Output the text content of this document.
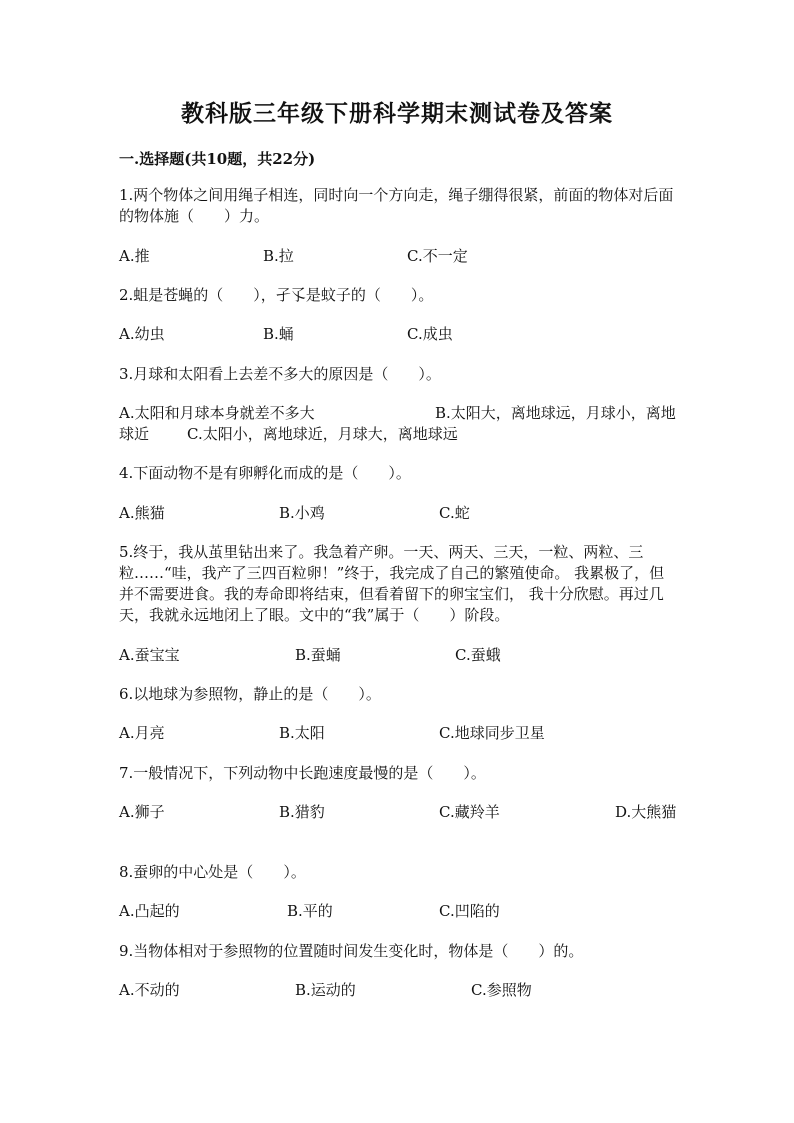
教科版三年级下册科学期末测试卷及答案
一.选择题(共10题，共22分)
1.两个物体之间用绳子相连，同时向一个方向走，绳子绷得很紧，前面的物体对后面的物体施（　　）力。
A.推	B.拉	C.不一定
2.蛆是苍蝇的（　　），孑孓是蚊子的（　　）。
A.幼虫	B.蛹	C.成虫
3.月球和太阳看上去差不多大的原因是（　　）。
A.太阳和月球本身就差不多大	B.太阳大，离地球远，月球小，离地球近	C.太阳小，离地球近，月球大，离地球远
4.下面动物不是有卵孵化而成的是（　　）。
A.熊猫	B.小鸡	C.蛇
5.终于，我从茧里钻出来了。我急着产卵。一天、两天、三天，一粒、两粒、三粒……“哇，我产了三四百粒卵！”终于，我完成了自己的繁殖使命。 我累极了，但并不需要进食。我的寿命即将结束，但看着留下的卵宝宝们， 我十分欣慰。再过几天，我就永远地闭上了眼。文中的“我”属于（　　）阶段。
A.蚕宝宝	B.蚕蛹	C.蚕蛾
6.以地球为参照物，静止的是（　　）。
A.月亮	B.太阳	C.地球同步卫星
7.一般情况下，下列动物中长跑速度最慢的是（　　）。
A.狮子	B.猎豹	C.藏羚羊	D.大熊猫
8.蚕卵的中心处是（　　）。
A.凸起的	B.平的	C.凹陷的
9.当物体相对于参照物的位置随时间发生变化时，物体是（　　）的。
A.不动的	B.运动的	C.参照物
